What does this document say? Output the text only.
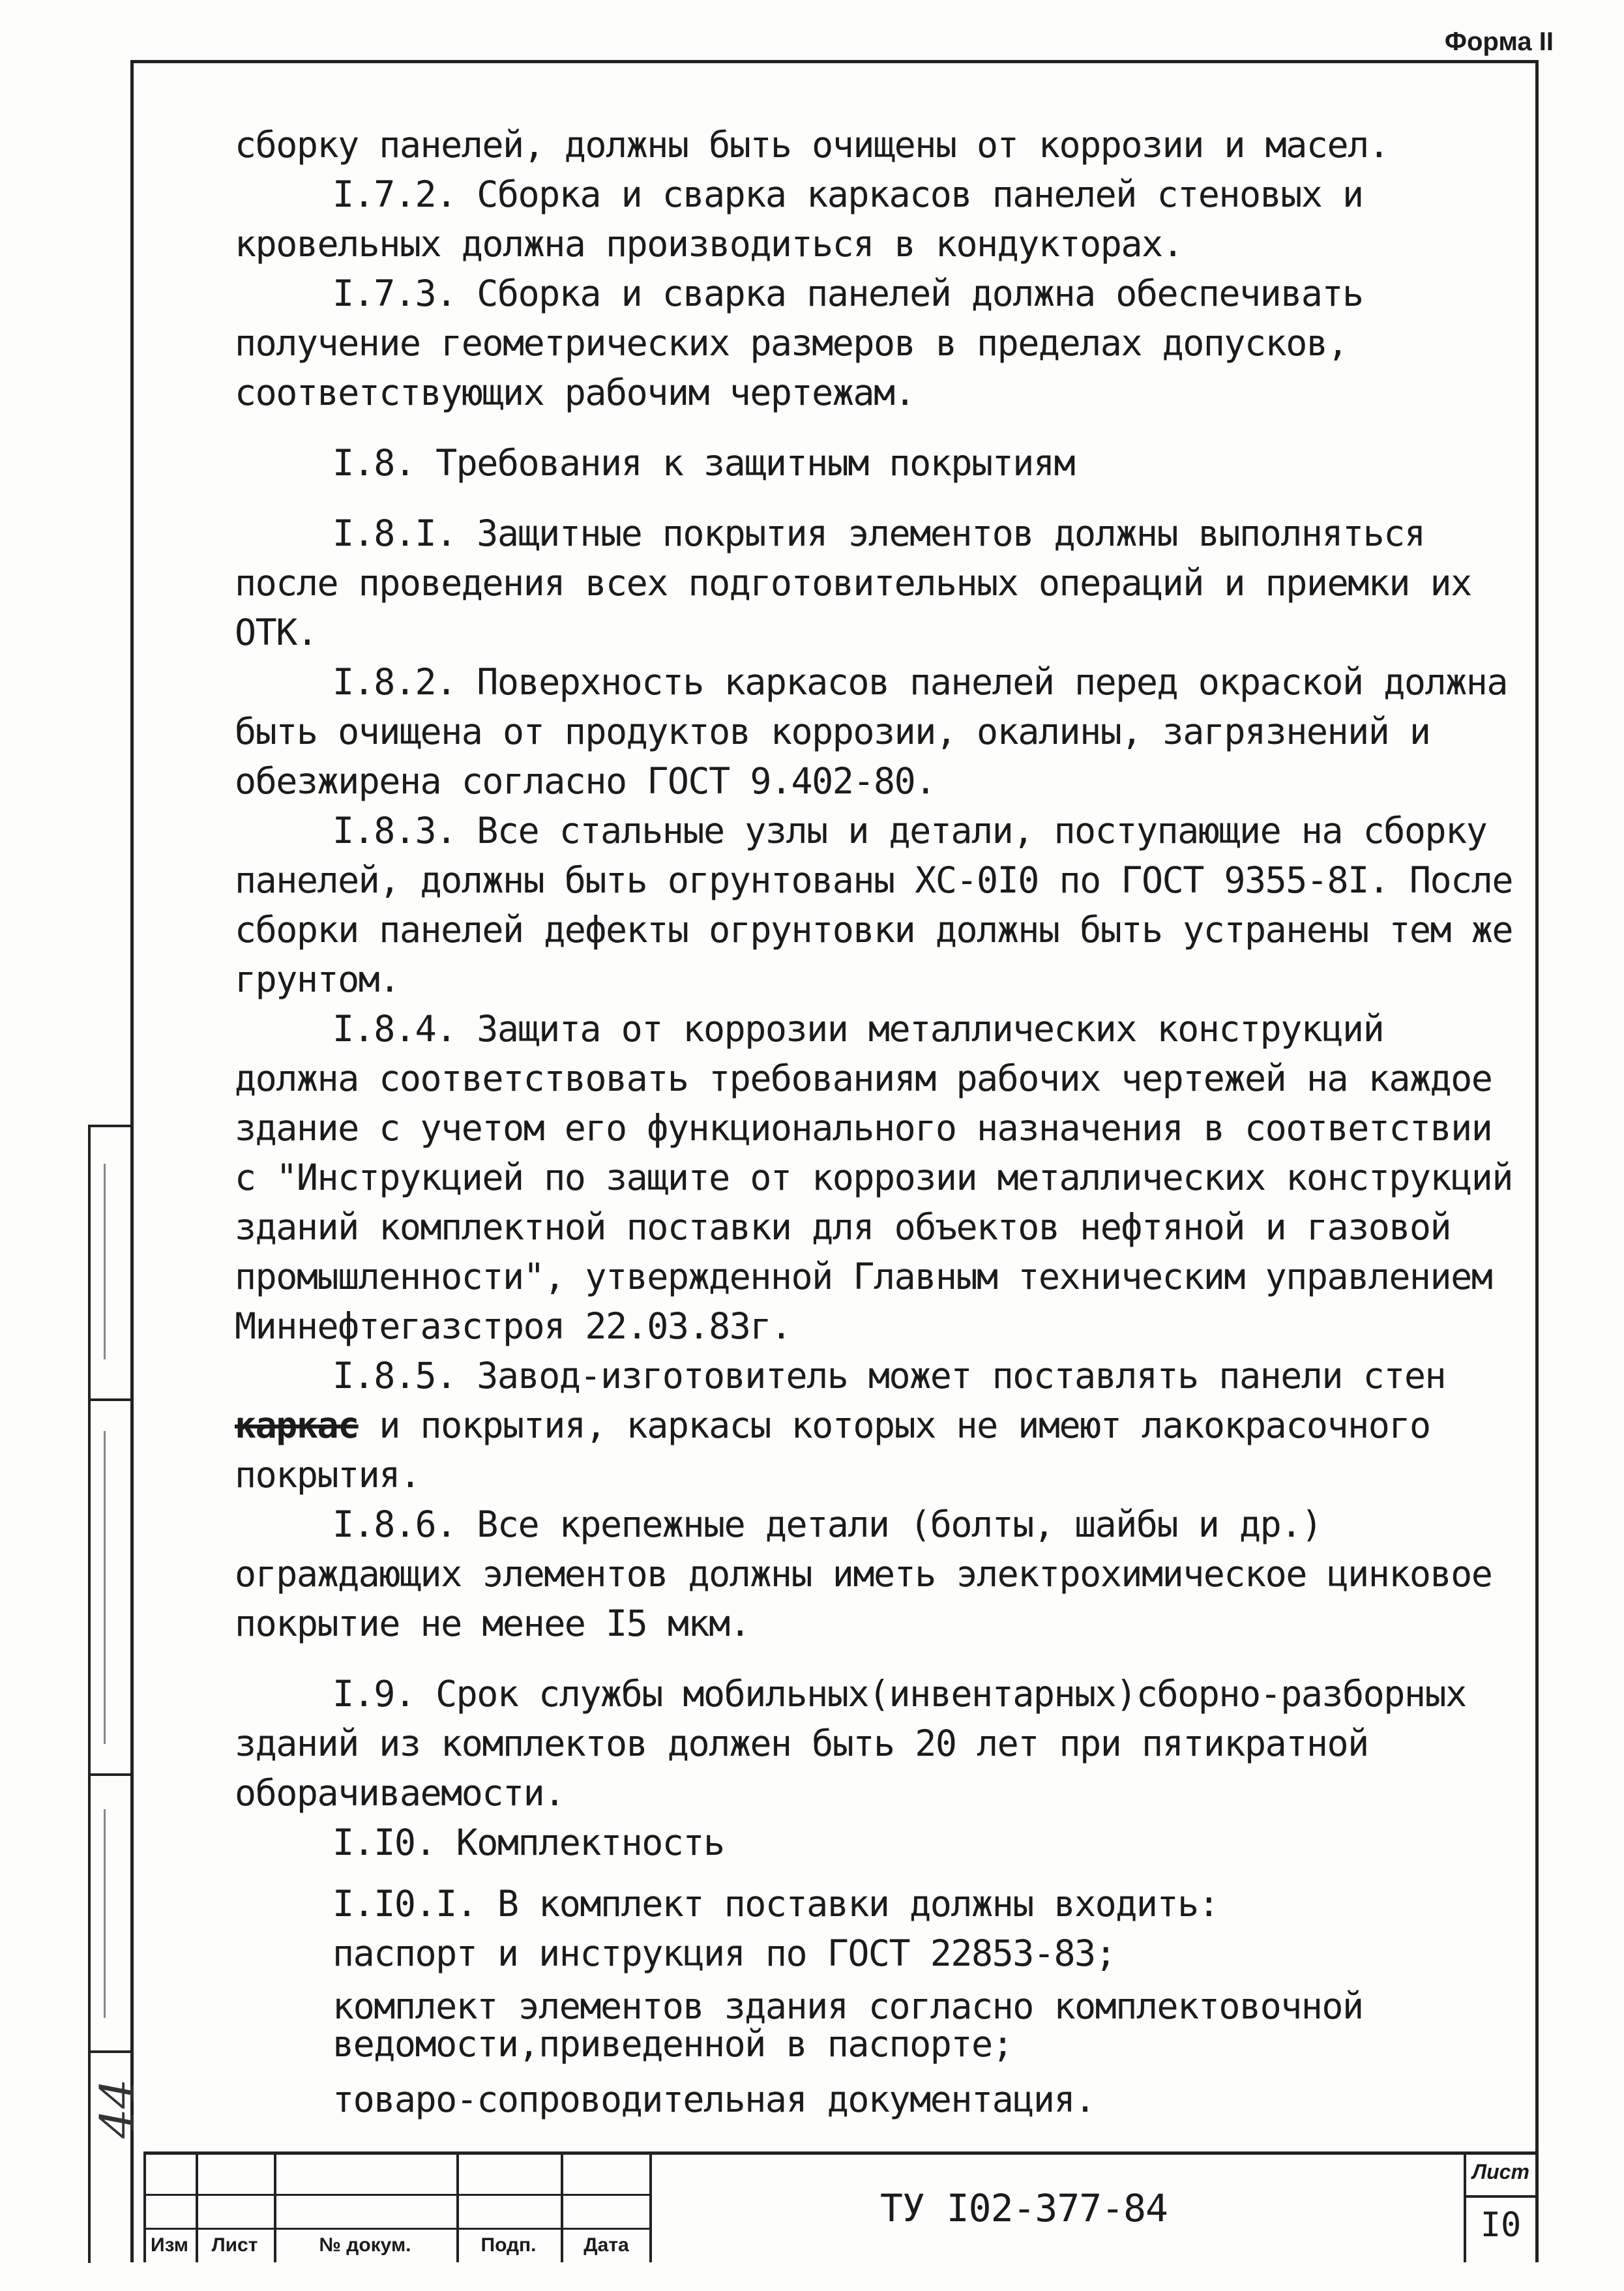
Форма II
44

сборку панелей, должны быть очищены от коррозии и масел.

I.7.2. Сборка и сварка каркасов панелей стеновых и кровельных должна производиться в кондукторах.

I.7.3. Сборка и сварка панелей должна обеспечивать получение геометрических размеров в пределах допусков, соответствующих рабочим чертежам.

I.8. Требования к защитным покрытиям

I.8.I. Защитные покрытия элементов должны выполняться после проведения всех подготовительных операций и приемки их ОТК.

I.8.2. Поверхность каркасов панелей перед окраской должна быть очищена от продуктов коррозии, окалины, загрязнений и обезжирена согласно ГОСТ 9.402-80.

I.8.3. Все стальные узлы и детали, поступающие на сборку панелей, должны быть огрунтованы ХС-0I0 по ГОСТ 9355-8I. После сборки панелей дефекты огрунтовки должны быть устранены тем же грунтом.

I.8.4. Защита от коррозии металлических конструкций должна соответствовать требованиям рабочих чертежей на каждое здание с учетом его функционального назначения в соответствии с "Инструкцией по защите от коррозии металлических конструкций зданий комплектной поставки для объектов нефтяной и газовой промышленности", утвержденной Главным техническим управлением Миннефтегазстроя 22.03.83г.

I.8.5. Завод-изготовитель может поставлять панели стен каркас и покрытия, каркасы которых не имеют лакокрасочного покрытия.

I.8.6. Все крепежные детали (болты, шайбы и др.) ограждающих элементов должны иметь электрохимическое цинковое покрытие не менее I5 мкм.

I.9. Срок службы мобильных(инвентарных)сборно-разборных зданий из комплектов должен быть 20 лет при пятикратной оборачиваемости.

I.I0. Комплектность

I.I0.I. В комплект поставки должны входить:

паспорт и инструкция по ГОСТ 22853-83;

комплект элементов здания согласно комплектовочной ведомости,приведенной в паспорте;

товаро-сопроводительная документация.

Изм	Лист	№ докум.	Подп.	Дата
ТУ I02-377-84
Лист
I0
